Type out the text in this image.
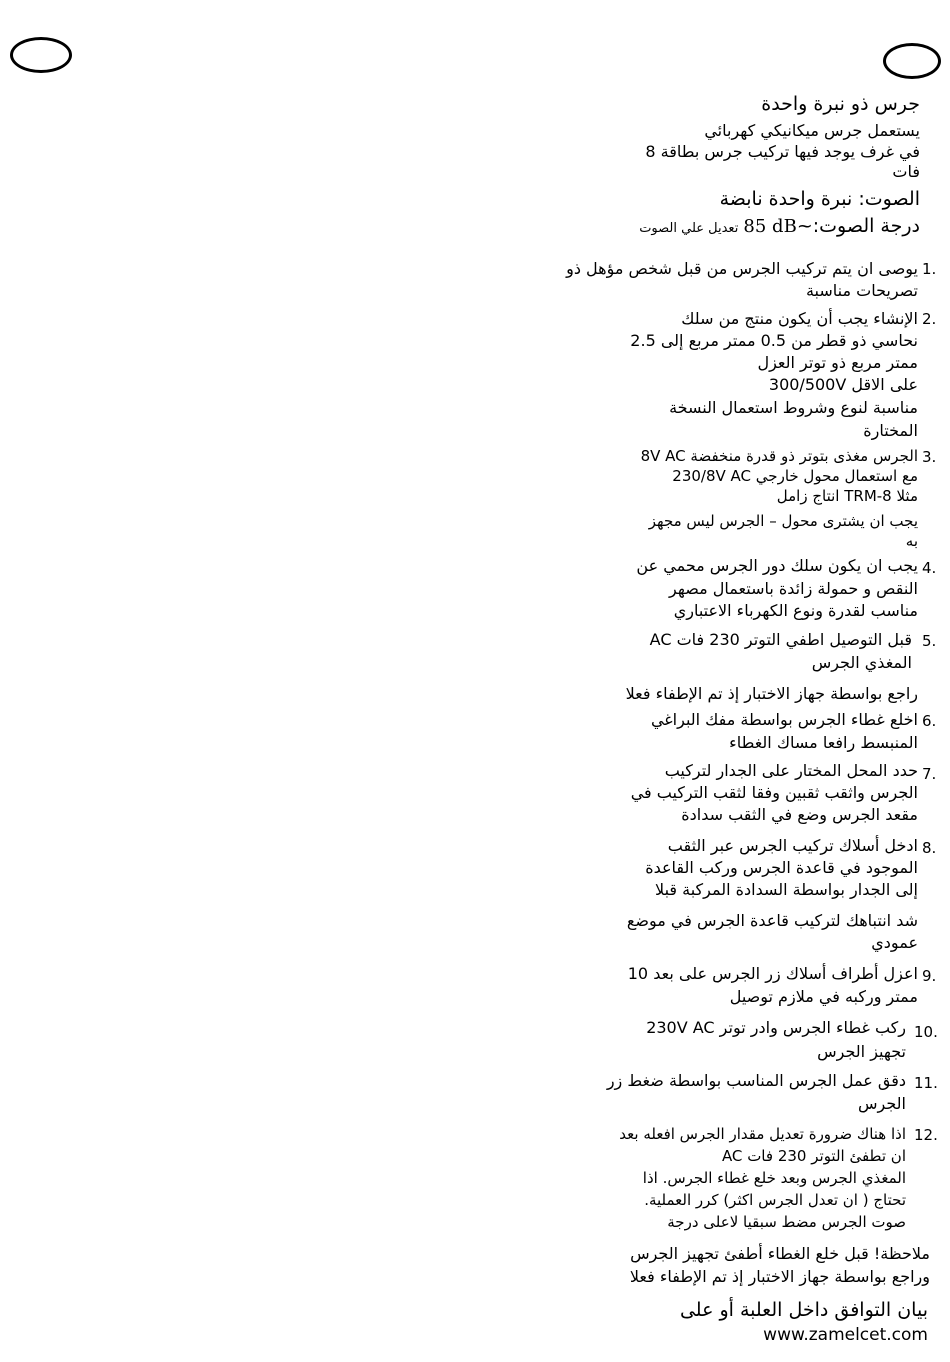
جرس ذو نبرة واحدة
يستعمل جرس ميكانيكي كهربائي
في غرف يوجد فيها تركيب جرس بطاقة 8
فات
الصوت: نبرة واحدة نابضة
درجة الصوت:~85 dB تعديل علي الصوت
1.
يوصى ان يتم تركيب الجرس من قبل شخص مؤهل ذو
تصريحات مناسبة
2.
الإنشاء يجب أن يكون منتج من سلك
نحاسي ذو قطر من 0.5 ممتر مربع إلى 2.5
ممتر مربع ذو توتر العزل
على الاقل 300/500V
مناسبة لنوع وشروط استعمال النسخة
المختارة
3.
الجرس مغذى بتوتر ذو قدرة منخفضة 8V AC
مع استعمال محول خارجي 230/8V AC
مثلا TRM-8 انتاج زامل
يجب ان يشترى محول – الجرس ليس مجهز
به
4.
يجب ان يكون سلك دور الجرس محمي عن
النقص و حمولة زائدة باستعمال مصهر
مناسب لقدرة ونوع الكهرباء الاعتباري
5.
قبل التوصيل اطفي التوتر 230 فات AC
المغذي الجرس
راجع بواسطة جهاز الاختبار إذ تم الإطفاء فعلا
6.
اخلع غطاء الجرس بواسطة مفك البراغي
المنبسط رافعا مساك الغطاء
7.
حدد المحل المختار على الجدار لتركيب
الجرس واثقب ثقبين وفقا لثقب التركيب في
مقعد الجرس وضع في الثقب سدادة
8.
ادخل أسلاك تركيب الجرس عبر الثقب
الموجود في قاعدة الجرس وركب القاعدة
إلى الجدار بواسطة السدادة المركبة قبلا
شد انتباهك لتركيب قاعدة الجرس في موضع
عمودي
9.
اعزل أطراف أسلاك زر الجرس على بعد 10
ممتر وركبه في ملازم توصيل
10.
ركب غطاء الجرس وادر توتر 230V AC
تجهيز الجرس
11.
دقق عمل الجرس المناسب بواسطة ضغط زر
الجرس
12.
اذا هناك ضرورة تعديل مقدار الجرس افعله بعد
ان تطفئ التوتر 230 فات AC
المغذي الجرس وبعد خلع غطاء الجرس. اذا
تحتاج ( ان تعدل الجرس اكثر) كرر العملية.
صوت الجرس مضط سبقيا لاعلى درجة
ملاحظة! قبل خلع الغطاء أطفئ تجهيز الجرس
وراجع بواسطة جهاز الاختبار إذ تم الإطفاء فعلا
بيان التوافق داخل العلبة أو على
www.zamelcet.com
